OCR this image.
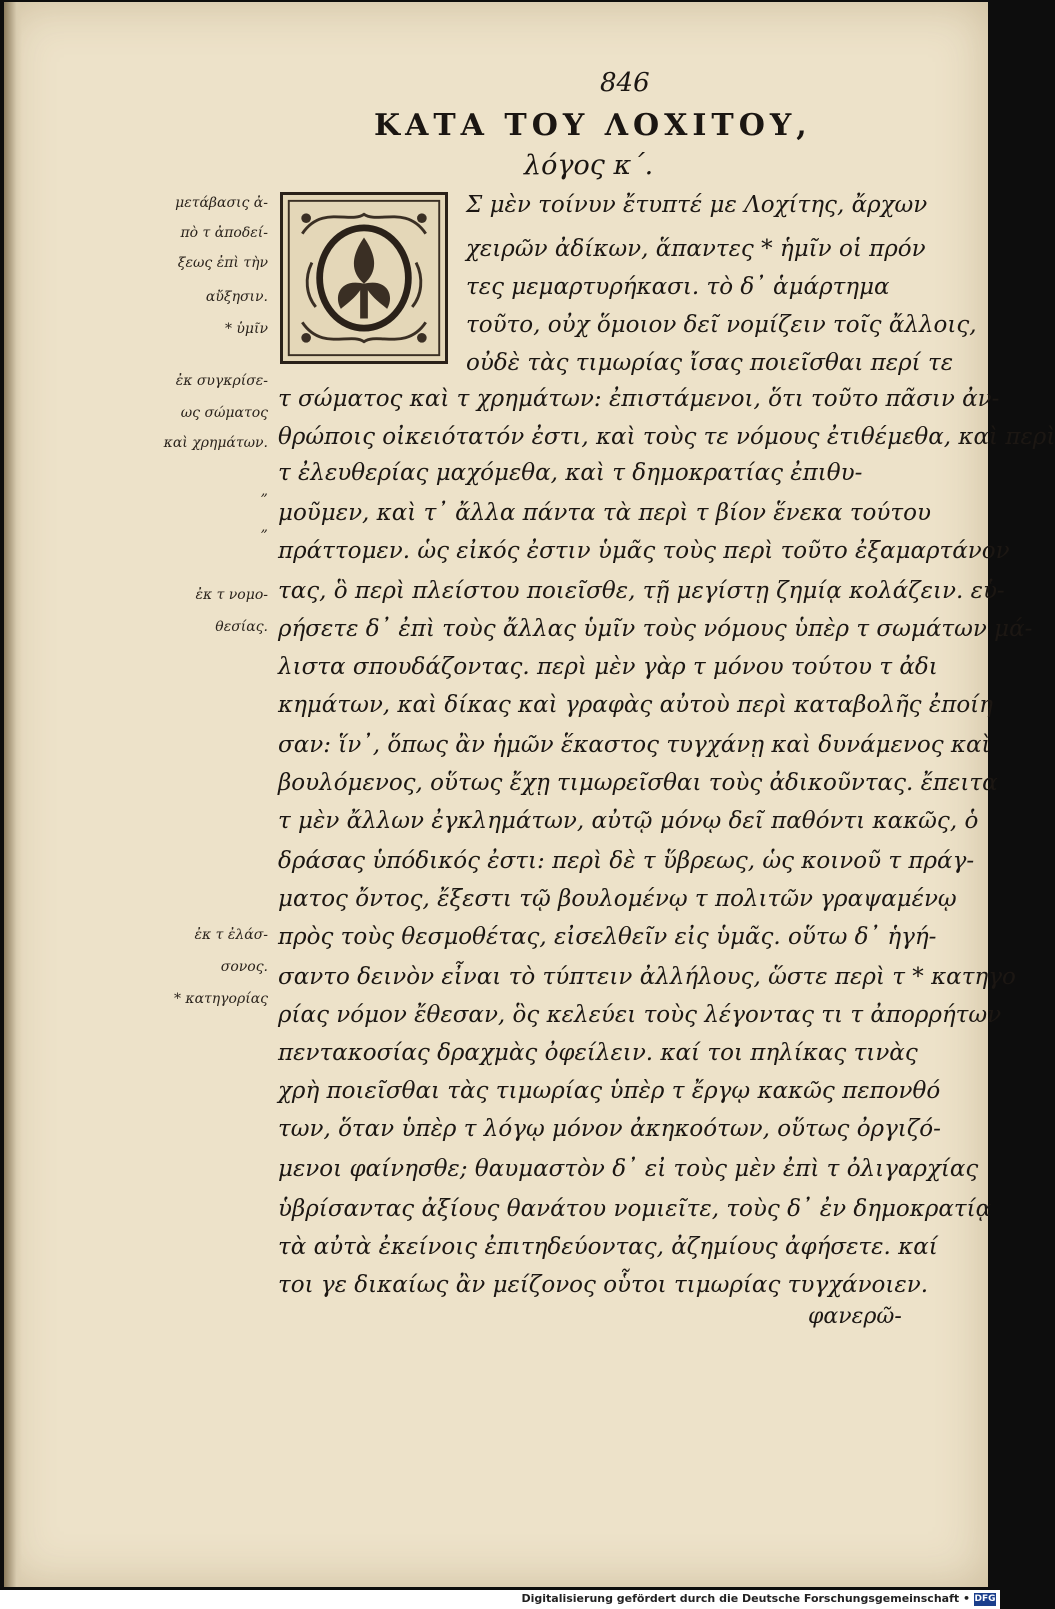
846
ΚΑΤΑ ΤΟΥ ΛΟΧΙΤΟΥ,
λόγος κ΄.
μετάβασις ἀ-
πὸ τ ἀποδεί-
ξεως ἐπὶ τὴν
αὔξησιν.
* ὑμῖν
ἐκ συγκρίσε-
ως σώματος
καὶ χρημάτων.
„
„
ἐκ τ νομο-
θεσίας.
ἐκ τ ἐλάσ-
σονος.
* κατηγορίας
Σ μὲν τοίνυν ἔτυπτέ με Λοχίτης, ἄρχων
χειρῶν ἀδίκων, ἅπαντες * ἡμῖν οἱ πρόν
τες μεμαρτυρήκασι. τὸ δ᾽ ἁμάρτημα
τοῦτο, οὐχ ὅμοιον δεῖ νομίζειν τοῖς ἄλλοις,
οὐδὲ τὰς τιμωρίας ἴσας ποιεῖσθαι περί τε
τ σώματος καὶ τ χρημάτων: ἐπιστάμενοι, ὅτι τοῦτο πᾶσιν ἀν-
θρώποις οἰκειότατόν ἐστι, καὶ τοὺς τε νόμους ἐτιθέμεθα, καὶ περὶ
τ ἐλευθερίας μαχόμεθα, καὶ τ δημοκρατίας ἐπιθυ-
μοῦμεν, καὶ τ᾽ ἄλλα πάντα τὰ περὶ τ βίον ἕνεκα τούτου
πράττομεν. ὡς εἰκός ἐστιν ὑμᾶς τοὺς περὶ τοῦτο ἐξαμαρτάνον
τας, ὃ περὶ πλείστου ποιεῖσθε, τῇ μεγίστῃ ζημίᾳ κολάζειν. εὑ-
ρήσετε δ᾽ ἐπὶ τοὺς ἄλλας ὑμῖν τοὺς νόμους ὑπὲρ τ σωμάτων μά-
λιστα σπουδάζοντας. περὶ μὲν γὰρ τ μόνου τούτου τ ἀδι
κημάτων, καὶ δίκας καὶ γραφὰς αὐτοὺ περὶ καταβολῆς ἐποίη
σαν: ἵν᾽, ὅπως ἂν ἡμῶν ἕκαστος τυγχάνῃ καὶ δυνάμενος καὶ
βουλόμενος, οὕτως ἔχῃ τιμωρεῖσθαι τοὺς ἀδικοῦντας. ἔπειτα
τ μὲν ἄλλων ἐγκλημάτων, αὐτῷ μόνῳ δεῖ παθόντι κακῶς, ὁ
δράσας ὑπόδικός ἐστι: περὶ δὲ τ ὕβρεως, ὡς κοινοῦ τ πράγ-
ματος ὄντος, ἔξεστι τῷ βουλομένῳ τ πολιτῶν γραψαμένῳ
πρὸς τοὺς θεσμοθέτας, εἰσελθεῖν εἰς ὑμᾶς. οὕτω δ᾽ ἡγή-
σαντο δεινὸν εἶναι τὸ τύπτειν ἀλλήλους, ὥστε περὶ τ * κατηγο
ρίας νόμον ἔθεσαν, ὃς κελεύει τοὺς λέγοντας τι τ ἀπορρήτων
πεντακοσίας δραχμὰς ὀφείλειν. καί τοι πηλίκας τινὰς
χρὴ ποιεῖσθαι τὰς τιμωρίας ὑπὲρ τ ἔργῳ κακῶς πεπονθό
των, ὅταν ὑπὲρ τ λόγῳ μόνον ἀκηκοότων, οὕτως ὀργιζό-
μενοι φαίνησθε; θαυμαστὸν δ᾽ εἰ τοὺς μὲν ἐπὶ τ ὀλιγαρχίας
ὑβρίσαντας ἀξίους θανάτου νομιεῖτε, τοὺς δ᾽ ἐν δημοκρατίᾳ
τὰ αὐτὰ ἐκείνοις ἐπιτηδεύοντας, ἀζημίους ἀφήσετε. καί
τοι γε δικαίως ἂν μείζονος οὗτοι τιμωρίας τυγχάνοιεν.
φανερῶ-
Digitalisierung gefördert durch die Deutsche Forschungsgemeinschaft • DFG
